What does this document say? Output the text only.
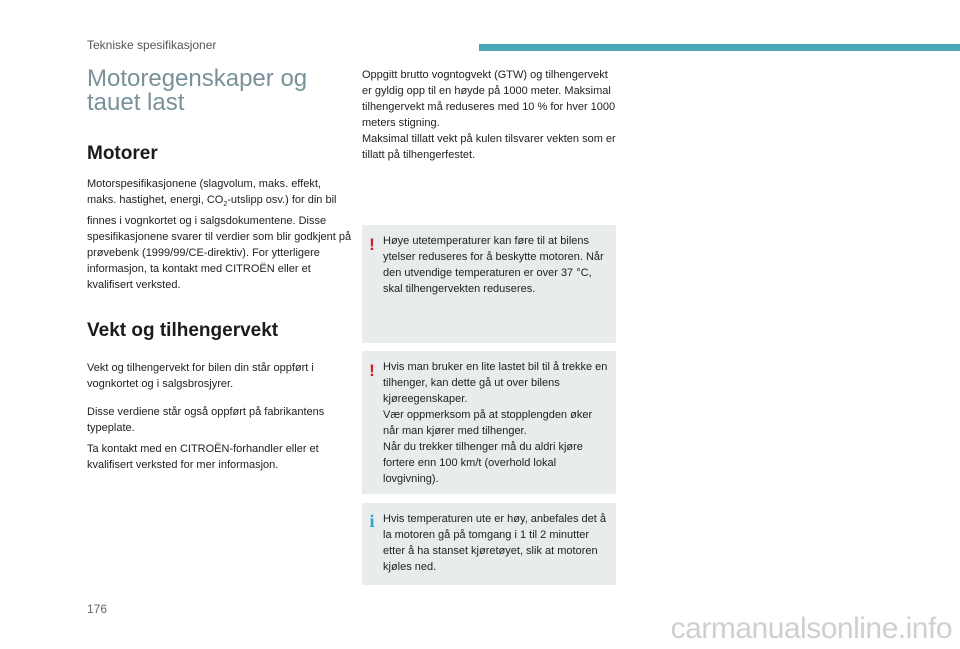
Tekniske spesifikasjoner
Motoregenskaper og tauet last
Motorer

Motorspesifikasjonene (slagvolum, maks. effekt, maks. hastighet, energi, $CO_2$-utslipp osv.) for din bil finnes i vognkortet og i salgsdokumentene. Disse spesifikasjonene svarer til verdier som blir godkjent på prøvebenk (1999/99/CE-direktiv). For ytterligere informasjon, ta kontakt med CITROËN eller et kvalifisert verksted.

Vekt og tilhengervekt

Vekt og tilhengervekt for bilen din står oppført i vognkortet og i salgsbrosjyrer.

Disse verdiene står også oppført på fabrikantens typeplate.

Ta kontakt med en CITROËN-forhandler eller et kvalifisert verksted for mer informasjon.

Oppgitt brutto vogntogvekt (GTW) og tilhengervekt er gyldig opp til en høyde på 1000 meter. Maksimal tilhengervekt må reduseres med 10 % for hver 1000 meters stigning.
Maksimal tillatt vekt på kulen tilsvarer vekten som er tillatt på tilhengerfestet.

! Høye utetemperaturer kan føre til at bilens ytelser reduseres for å beskytte motoren. Når den utvendige temperaturen er over 37 °C, skal tilhengervekten reduseres.

! Hvis man bruker en lite lastet bil til å trekke en tilhenger, kan dette gå ut over bilens kjøreegenskaper.
Vær oppmerksom på at stopplengden øker når man kjører med tilhenger.
Når du trekker tilhenger må du aldri kjøre fortere enn 100 km/t (overhold lokal lovgivning).

i Hvis temperaturen ute er høy, anbefales det å la motoren gå på tomgang i 1 til 2 minutter etter å ha stanset kjøretøyet, slik at motoren kjøles ned.

176
carmanualsonline.info
